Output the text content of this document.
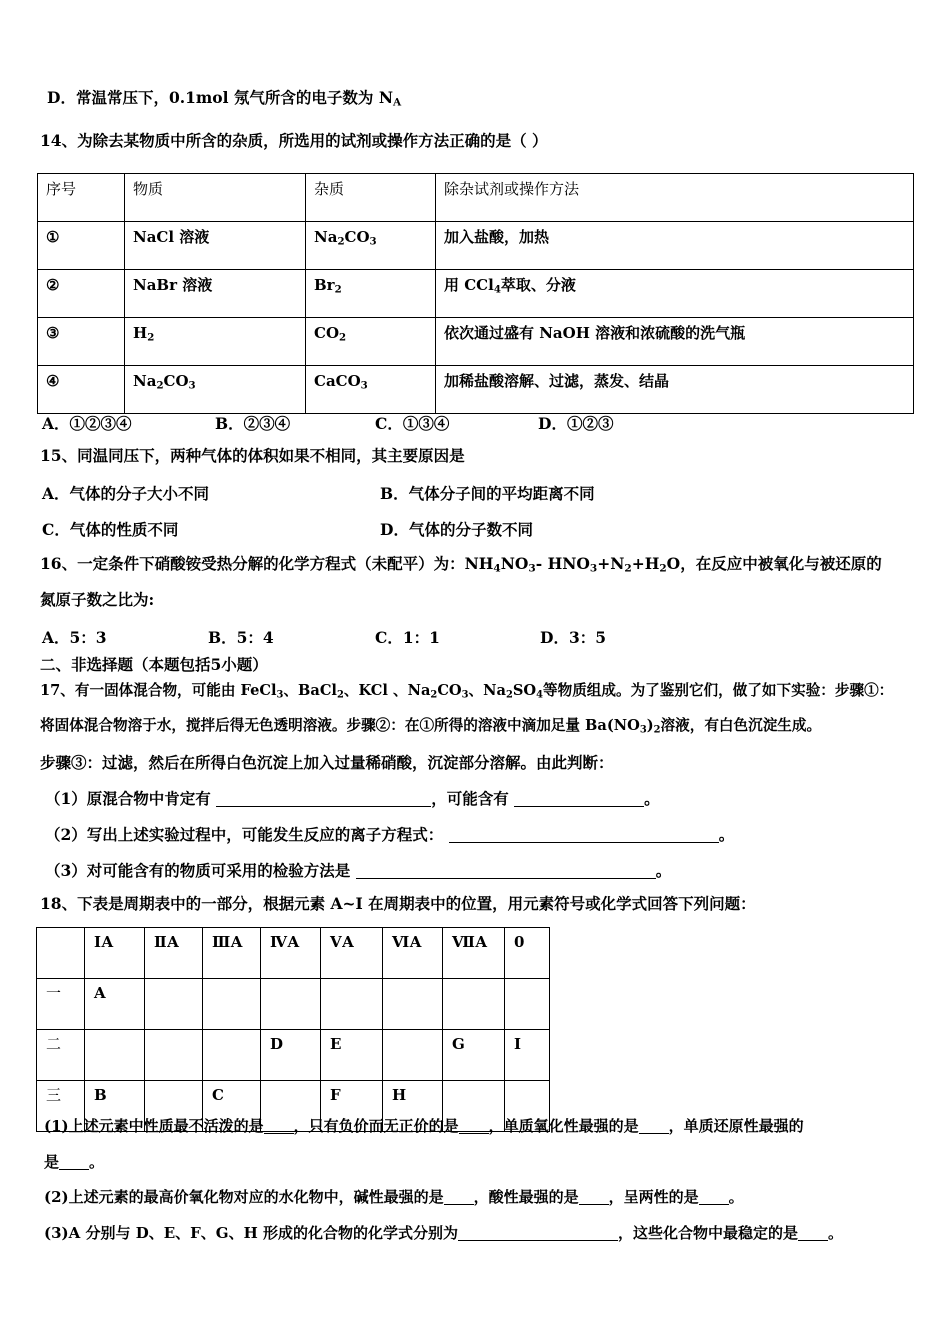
D．常温常压下，0.1mol 氖气所含的电子数为 $N_A$
14、为除去某物质中所含的杂质，所选用的试剂或操作方法正确的是（ ）
序号	物质	杂质	除杂试剂或操作方法
①	NaCl 溶液	$Na_2CO_3$	加入盐酸，加热
②	NaBr 溶液	$Br_2$	用 CCl$_4$萃取、分液
③	$H_2$	$CO_2$	依次通过盛有 NaOH 溶液和浓硫酸的洗气瓶
④	$Na_2CO_3$	CaCO$_3$	加稀盐酸溶解、过滤，蒸发、结晶
A．①②③④	B．②③④	C．①③④	D．①②③
15、同温同压下，两种气体的体积如果不相同，其主要原因是
A．气体的分子大小不同	B．气体分子间的平均距离不同
C．气体的性质不同	D．气体的分子数不同
16、一定条件下硝酸铵受热分解的化学方程式（未配平）为：$NH_4NO_3-$ $HNO_3+N_2+H_2O$，在反应中被氧化与被还原的
氮原子数之比为:
A．5：3	B．5：4	C．1：1	D．3：5
二、非选择题（本题包括5小题）
17、有一固体混合物，可能由 FeCl$_3$、BaCl$_2$、KCl 、$Na_2CO_3$、$Na_2SO_4$等物质组成。为了鉴别它们，做了如下实验：步骤①：
将固体混合物溶于水，搅拌后得无色透明溶液。步骤②：在①所得的溶液中滴加足量 $Ba(NO_3)_2$溶液，有白色沉淀生成。
步骤③：过滤，然后在所得白色沉淀上加入过量稀硝酸，沉淀部分溶解。由此判断：
（1）原混合物中肯定有	，可能含有	。
（2）写出上述实验过程中，可能发生反应的离子方程式：	。
（3）对可能含有的物质可采用的检验方法是	。
18、下表是周期表中的一部分，根据元素 A~I 在周期表中的位置，用元素符号或化学式回答下列问题：
	ⅠA	ⅡA	ⅢA	ⅣA	ⅤA	ⅥA	ⅦA	0
一	A							
二				D	E		G	I
三	B		C		F	H		
(1)上述元素中性质最不活泼的是 ，只有负价而无正价的是 ，单质氧化性最强的是 ，单质还原性最强的
是 。
(2)上述元素的最高价氧化物对应的水化物中，碱性最强的是 ，酸性最强的是 ，呈两性的是 。
(3)A 分别与 D、E、F、G、H 形成的化合物的化学式分别为	，这些化合物中最稳定的是 。
